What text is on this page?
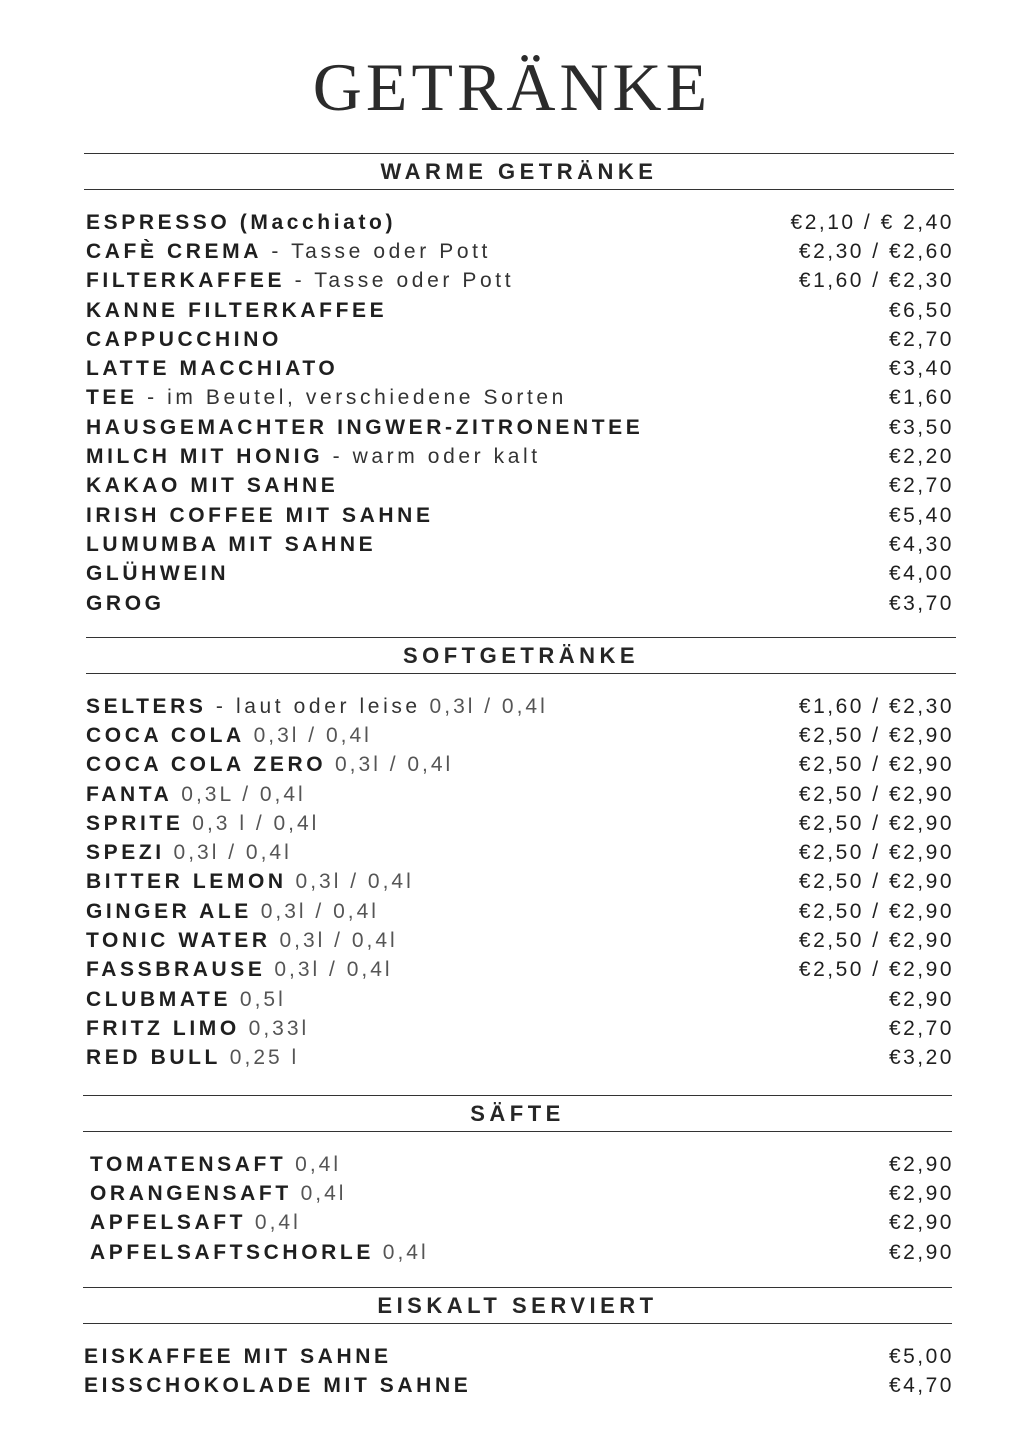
GETRÄNKE
WARME GETRÄNKE
ESPRESSO (Macchiato)	€2,10 / € 2,40
CAFÈ CREMA - Tasse oder Pott	€2,30 / €2,60
FILTERKAFFEE - Tasse oder Pott	€1,60 / €2,30
KANNE FILTERKAFFEE	€6,50
CAPPUCCHINO	€2,70
LATTE MACCHIATO	€3,40
TEE - im Beutel, verschiedene Sorten	€1,60
HAUSGEMACHTER INGWER-ZITRONENTEE	€3,50
MILCH MIT HONIG - warm oder kalt	€2,20
KAKAO MIT SAHNE	€2,70
IRISH COFFEE MIT SAHNE	€5,40
LUMUMBA MIT SAHNE	€4,30
GLÜHWEIN	€4,00
GROG	€3,70
SOFTGETRÄNKE
SELTERS - laut oder leise 0,3l / 0,4l	€1,60 / €2,30
COCA COLA 0,3l / 0,4l	€2,50 / €2,90
COCA COLA ZERO 0,3l / 0,4l	€2,50 / €2,90
FANTA 0,3L / 0,4l	€2,50 / €2,90
SPRITE 0,3 l / 0,4l	€2,50 / €2,90
SPEZI 0,3l / 0,4l	€2,50 / €2,90
BITTER LEMON 0,3l / 0,4l	€2,50 / €2,90
GINGER ALE 0,3l / 0,4l	€2,50 / €2,90
TONIC WATER 0,3l / 0,4l	€2,50 / €2,90
FASSBRAUSE 0,3l / 0,4l	€2,50 / €2,90
CLUBMATE 0,5l	€2,90
FRITZ LIMO 0,33l	€2,70
RED BULL 0,25 l	€3,20
SÄFTE
TOMATENSAFT 0,4l	€2,90
ORANGENSAFT 0,4l	€2,90
APFELSAFT 0,4l	€2,90
APFELSAFTSCHORLE 0,4l	€2,90
EISKALT SERVIERT
EISKAFFEE MIT SAHNE	€5,00
EISSCHOKOLADE MIT SAHNE	€4,70
